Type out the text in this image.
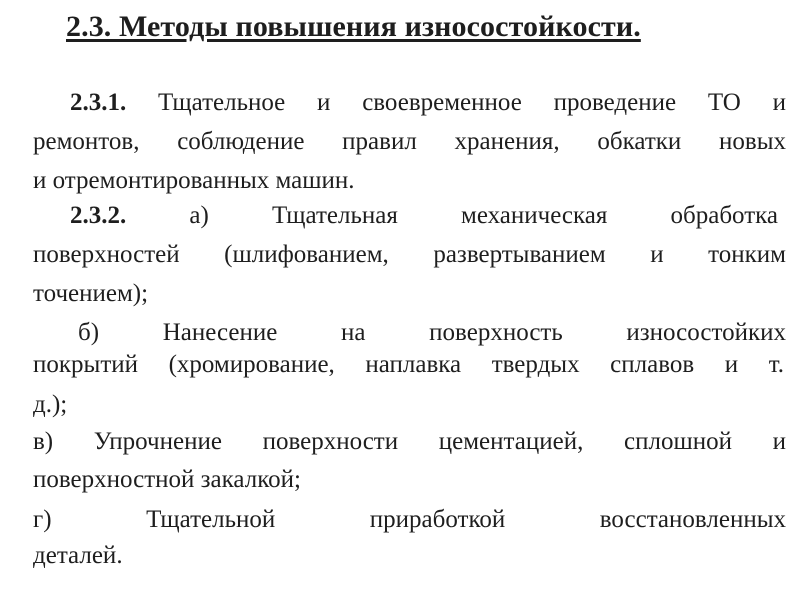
2.3. Методы повышения износостойкости.
2.3.1. Тщательное и своевременное проведение ТО и
ремонтов, соблюдение правил хранения, обкатки новых
и отремонтированных машин.
2.3.2.	а) Тщательная механическая обработка
поверхностей (шлифованием, развертыванием и тонким
точением);
б) Нанесение на поверхность износостойких
покрытий (хромирование, наплавка твердых сплавов и т.
д.);
в) Упрочнение поверхности цементацией, сплошной и
поверхностной закалкой;
г) Тщательной приработкой восстановленных
деталей.
